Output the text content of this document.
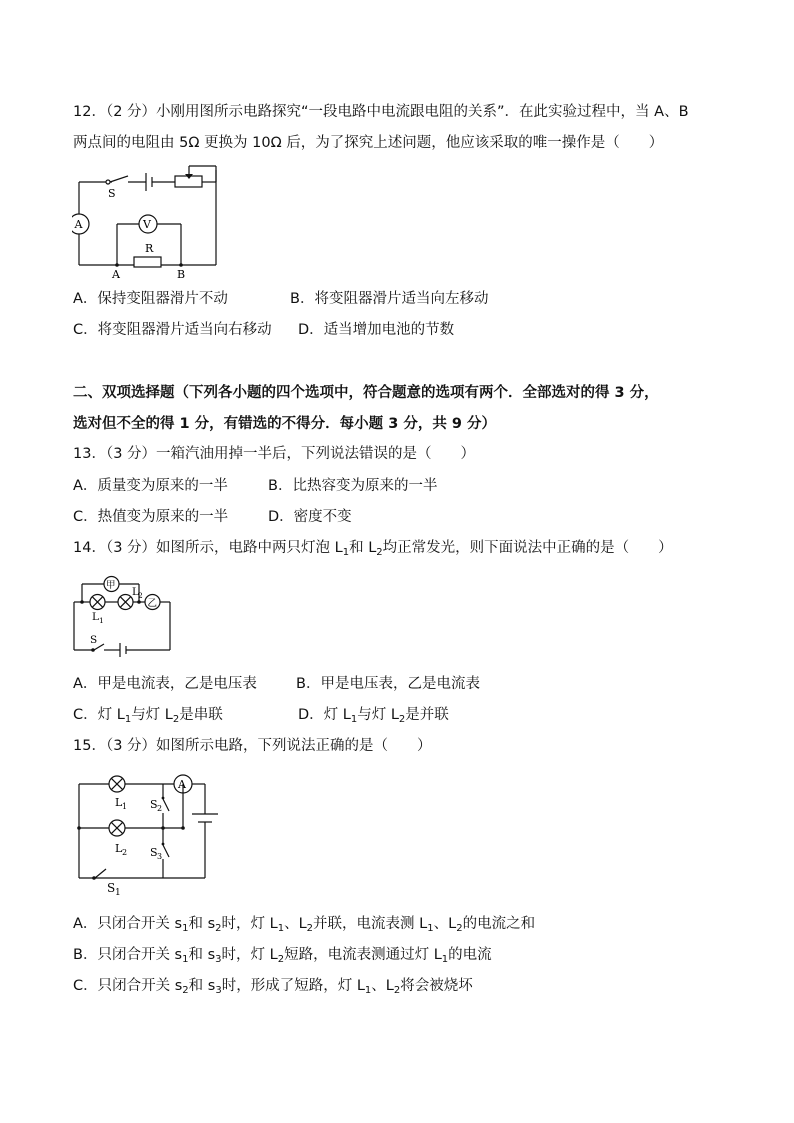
12．（2 分）小刚用图所示电路探究“一段电路中电流跟电阻的关系”．在此实验过程中，当 A、B
两点间的电阻由 5Ω 更换为 10Ω 后，为了探究上述问题，他应该采取的唯一操作是（　　）
S
A	V
R
A	B
A．保持变阻器滑片不动	B．将变阻器滑片适当向左移动
C．将变阻器滑片适当向右移动 D．适当增加电池的节数
二、双项选择题（下列各小题的四个选项中，符合题意的选项有两个．全部选对的得 3 分，
选对但不全的得 1 分，有错选的不得分．每小题 3 分，共 9 分）
13．（3 分）一箱汽油用掉一半后，下列说法错误的是（　　）
A．质量变为原来的一半	B．比热容变为原来的一半
C．热值变为原来的一半	D．密度不变
14．（3 分）如图所示，电路中两只灯泡 $L_1$和 $L_2$均正常发光，则下面说法中正确的是（　　）
甲
乙
L 1
L 2
S
A．甲是电流表，乙是电压表	B．甲是电压表，乙是电流表
C．灯 $L_1$与灯 $L_2$是串联	D．灯 $L_1$与灯 $L_2$是并联
15．（3 分）如图所示电路，下列说法正确的是（　　）
L 1
L 2
A
S 2
S 3
S 1
A．只闭合开关 $s_1$和 $s_2$时，灯 $L_1$、$L_2$并联，电流表测 $L_1$、$L_2$的电流之和
B．只闭合开关 $s_1$和 $s_3$时，灯 $L_2$短路，电流表测通过灯 $L_1$的电流
C．只闭合开关 $s_2$和 $s_3$时，形成了短路，灯 $L_1$、$L_2$将会被烧坏
